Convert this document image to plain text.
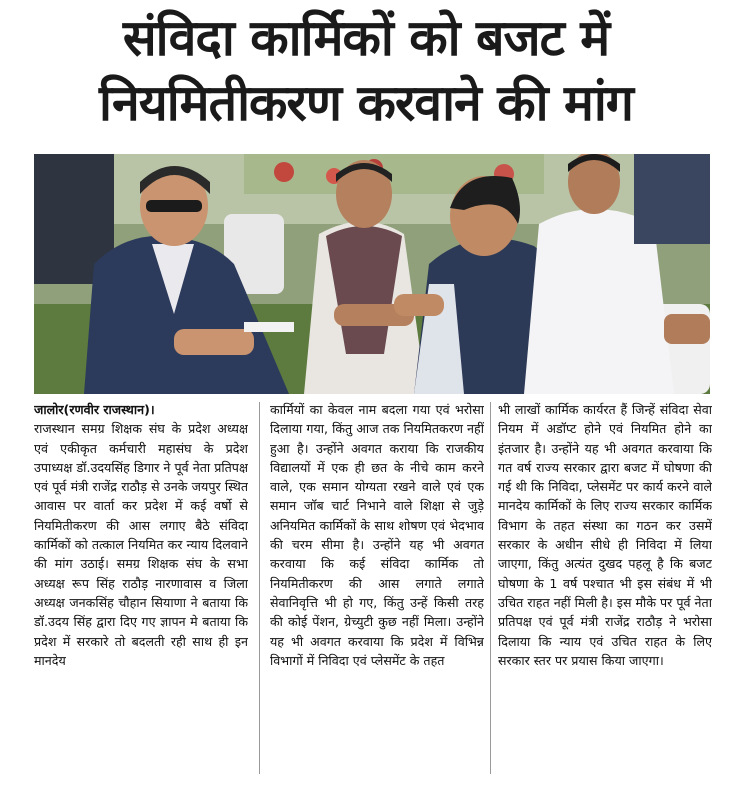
संविदा कार्मिकों को बजट में
नियमितीकरण करवाने की मांग

जालोर(रणवीर राजस्थान)।

राजस्थान समग्र शिक्षक संघ के प्रदेश अध्यक्ष एवं एकीकृत कर्मचारी महासंघ के प्रदेश उपाध्यक्ष डॉ.उदयसिंह डिगार ने पूर्व नेता प्रतिपक्ष एवं पूर्व मंत्री राजेंद्र राठौड़ से उनके जयपुर स्थित आवास पर वार्ता कर प्रदेश में कई वर्षो से नियमितीकरण की आस लगाए बैठे संविदा कार्मिकों को तत्काल नियमित कर न्याय दिलवाने की मांग उठाई। समग्र शिक्षक संघ के सभा अध्यक्ष रूप सिंह राठौड़ नारणावास व जिला अध्यक्ष जनकसिंह चौहान सियाणा ने बताया कि डॉ.उदय सिंह द्वारा दिए गए ज्ञापन मे बताया कि प्रदेश में सरकारे तो बदलती रही साथ ही इन मानदेय

कार्मियों का केवल नाम बदला गया एवं भरोसा दिलाया गया, किंतु आज तक नियमितकरण नहीं हुआ है। उन्होंने अवगत कराया कि राजकीय विद्यालयों में एक ही छत के नीचे काम करने वाले, एक समान योग्यता रखने वाले एवं एक समान जॉब चार्ट निभाने वाले शिक्षा से जुड़े अनियमित कार्मिकों के साथ शोषण एवं भेदभाव की चरम सीमा है। उन्होंने यह भी अवगत करवाया कि कई संविदा कार्मिक तो नियमितीकरण की आस लगाते लगाते सेवानिवृत्ति भी हो गए, किंतु उन्हें किसी तरह की कोई पेंशन, ग्रेच्युटी कुछ नहीं मिला। उन्होंने यह भी अवगत करवाया कि प्रदेश में विभिन्न विभागों में निविदा एवं प्लेसमेंट के तहत

भी लाखों कार्मिक कार्यरत हैं जिन्हें संविदा सेवा नियम में अडॉप्ट होने एवं नियमित होने का इंतजार है। उन्होंने यह भी अवगत करवाया कि गत वर्ष राज्य सरकार द्वारा बजट में घोषणा की गई थी कि निविदा, प्लेसमेंट पर कार्य करने वाले मानदेय कार्मिकों के लिए राज्य सरकार कार्मिक विभाग के तहत संस्था का गठन कर उसमें सरकार के अधीन सीधे ही निविदा में लिया जाएगा, किंतु अत्यंत दुखद पहलू है कि बजट घोषणा के 1 वर्ष पश्चात भी इस संबंध में भी उचित राहत नहीं मिली है। इस मौके पर पूर्व नेता प्रतिपक्ष एवं पूर्व मंत्री राजेंद्र राठौड़ ने भरोसा दिलाया कि न्याय एवं उचित राहत के लिए सरकार स्तर पर प्रयास किया जाएगा।
